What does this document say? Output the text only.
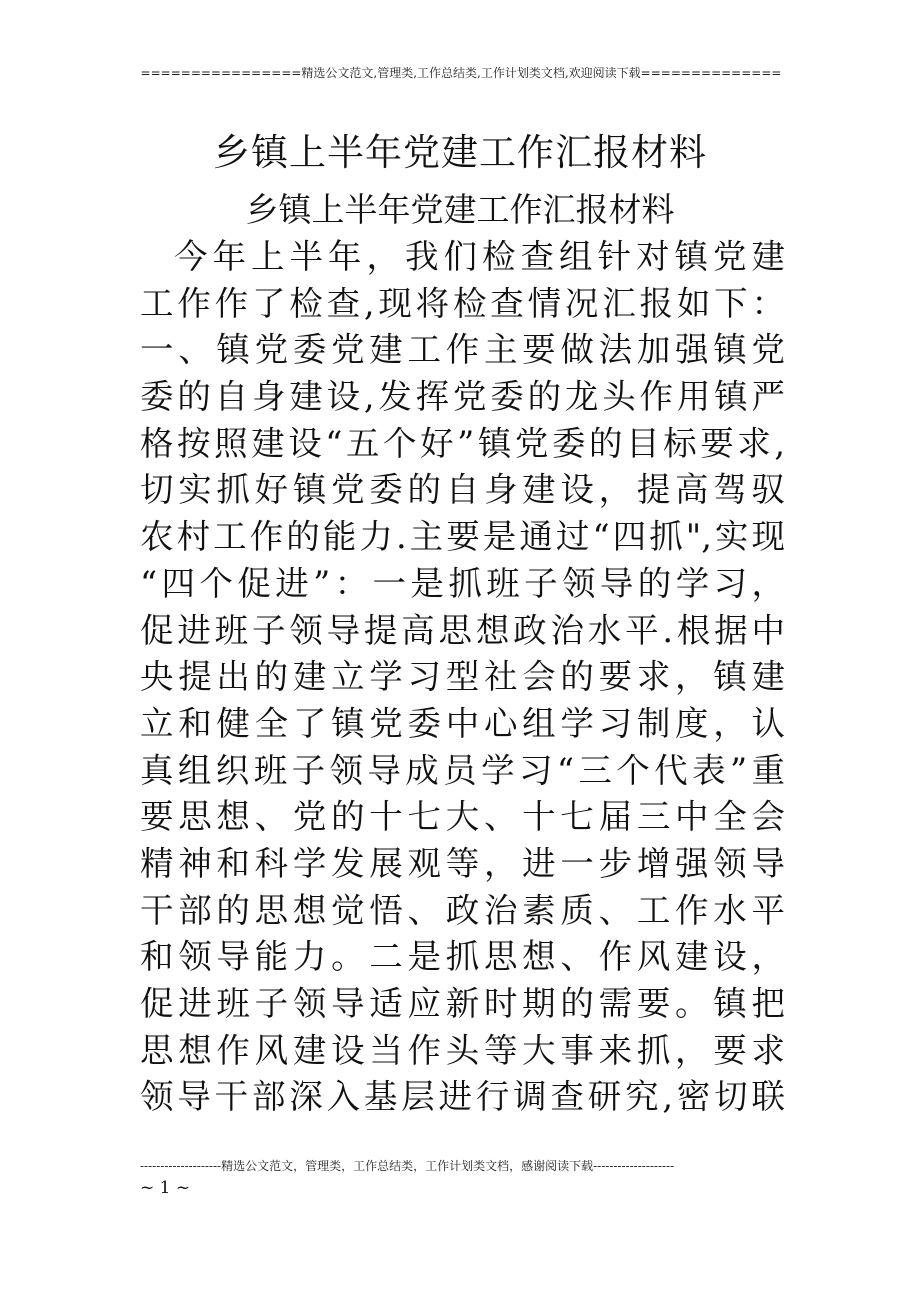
================精选公文范文,管理类,工作总结类,工作计划类文档,欢迎阅读下载==============
乡镇上半年党建工作汇报材料
乡镇上半年党建工作汇报材料
今年上半年，我们检查组针对镇党建
工作作了检查,现将检查情况汇报如下：
一、镇党委党建工作主要做法加强镇党
委的自身建设,发挥党委的龙头作用镇严
格按照建设“五个好”镇党委的目标要求,
切实抓好镇党委的自身建设，提高驾驭
农村工作的能力.主要是通过“四抓",实现
“四个促进”：一是抓班子领导的学习，
促进班子领导提高思想政治水平.根据中
央提出的建立学习型社会的要求，镇建
立和健全了镇党委中心组学习制度，认
真组织班子领导成员学习“三个代表”重
要思想、党的十七大、十七届三中全会
精神和科学发展观等，进一步增强领导
干部的思想觉悟、政治素质、工作水平
和领导能力。二是抓思想、作风建设，
促进班子领导适应新时期的需要。镇把
思想作风建设当作头等大事来抓，要求
领导干部深入基层进行调查研究,密切联
--------------------精选公文范文，管理类，工作总结类，工作计划类文档，感谢阅读下载--------------------
~ 1 ~
